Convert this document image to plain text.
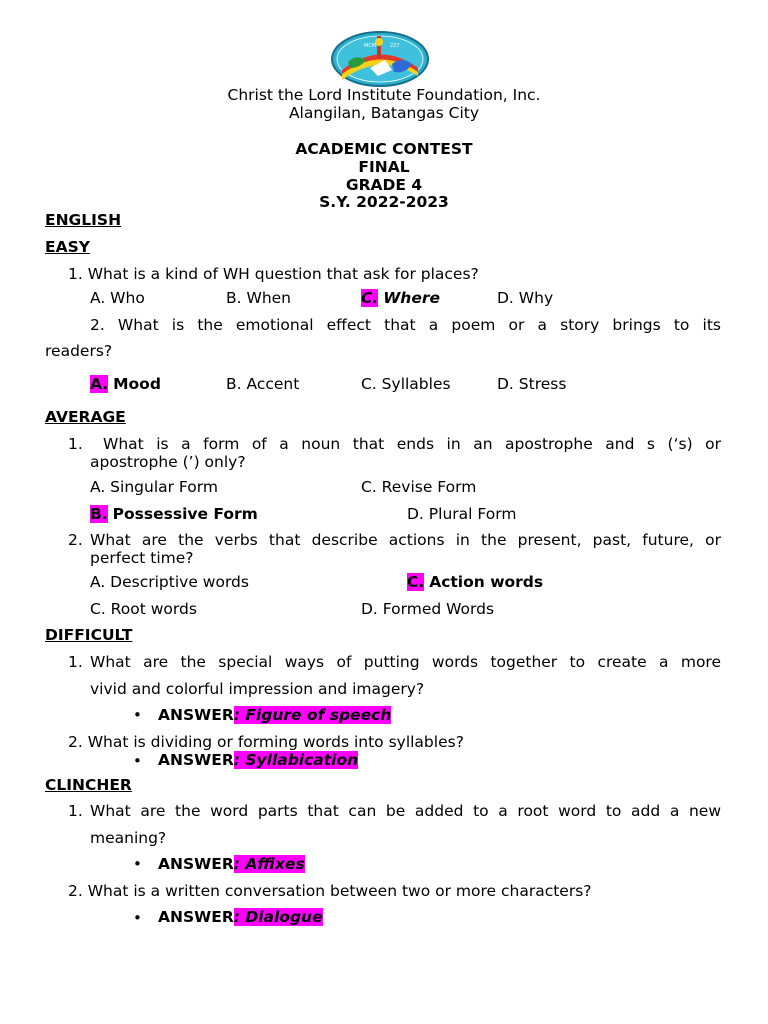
MCM	227
Christ the Lord Institute Foundation, Inc.
Alangilan, Batangas City
ACADEMIC CONTEST
FINAL
GRADE 4
S.Y. 2022-2023
ENGLISH
EASY
1. What is a kind of WH question that ask for places?
A. Who	B. When	C. Where	D. Why
2. What is the emotional effect that a poem or a story brings to its
readers?
A. Mood	B. Accent	C. Syllables	D. Stress
AVERAGE
1. What is a form of a noun that ends in an apostrophe and s (‘s) or
apostrophe (’) only?
A. Singular Form	C. Revise Form
B. Possessive Form	D. Plural Form
2. What are the verbs that describe actions in the present, past, future, or
perfect time?
A. Descriptive words	C. Action words
C. Root words	D. Formed Words
DIFFICULT
1. What are the special ways of putting words together to create a more
vivid and colorful impression and imagery?
• ANSWER: Figure of speech
2. What is dividing or forming words into syllables?
• ANSWER: Syllabication
CLINCHER
1. What are the word parts that can be added to a root word to add a new
meaning?
• ANSWER: Affixes
2. What is a written conversation between two or more characters?
• ANSWER: Dialogue
